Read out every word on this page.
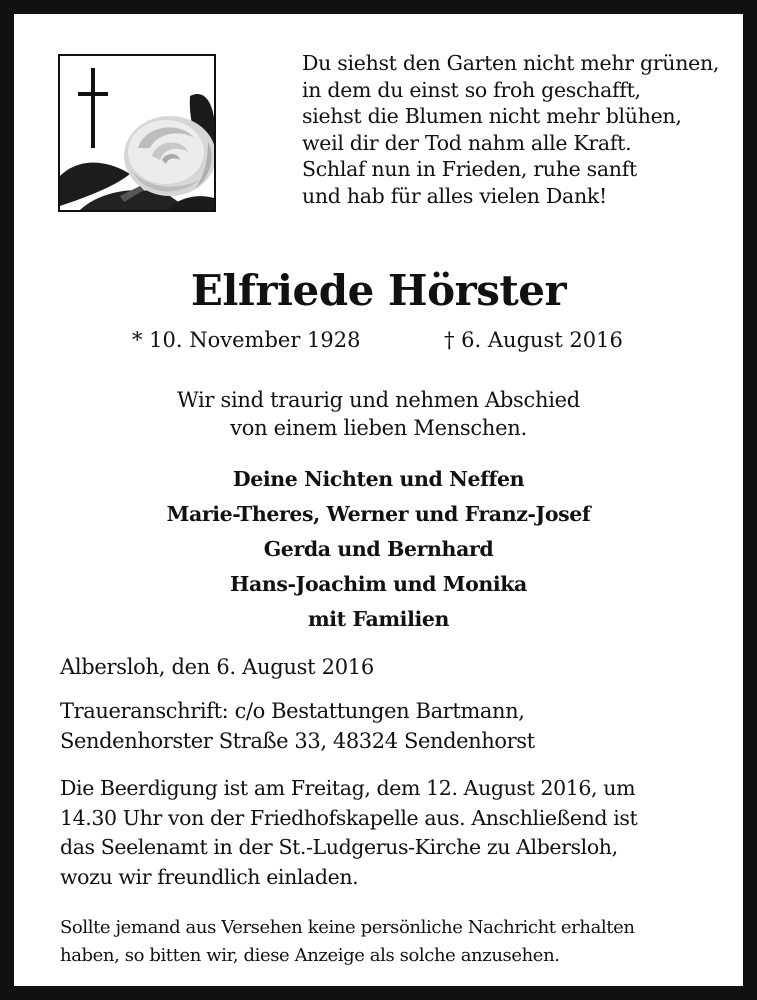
Du siehst den Garten nicht mehr grünen,
in dem du einst so froh geschafft,
siehst die Blumen nicht mehr blühen,
weil dir der Tod nahm alle Kraft.
Schlaf nun in Frieden, ruhe sanft
und hab für alles vielen Dank!
Elfriede Hörster
* 10. November 1928	† 6. August 2016
Wir sind traurig und nehmen Abschied
von einem lieben Menschen.
Deine Nichten und Neffen
Marie-Theres, Werner und Franz-Josef
Gerda und Bernhard
Hans-Joachim und Monika
mit Familien
Albersloh, den 6. August 2016
Traueranschrift: c/o Bestattungen Bartmann,
Sendenhorster Straße 33, 48324 Sendenhorst
Die Beerdigung ist am Freitag, dem 12. August 2016, um
14.30 Uhr von der Friedhofskapelle aus. Anschließend ist
das Seelenamt in der St.-Ludgerus-Kirche zu Albersloh,
wozu wir freundlich einladen.
Sollte jemand aus Versehen keine persönliche Nachricht erhalten
haben, so bitten wir, diese Anzeige als solche anzusehen.
